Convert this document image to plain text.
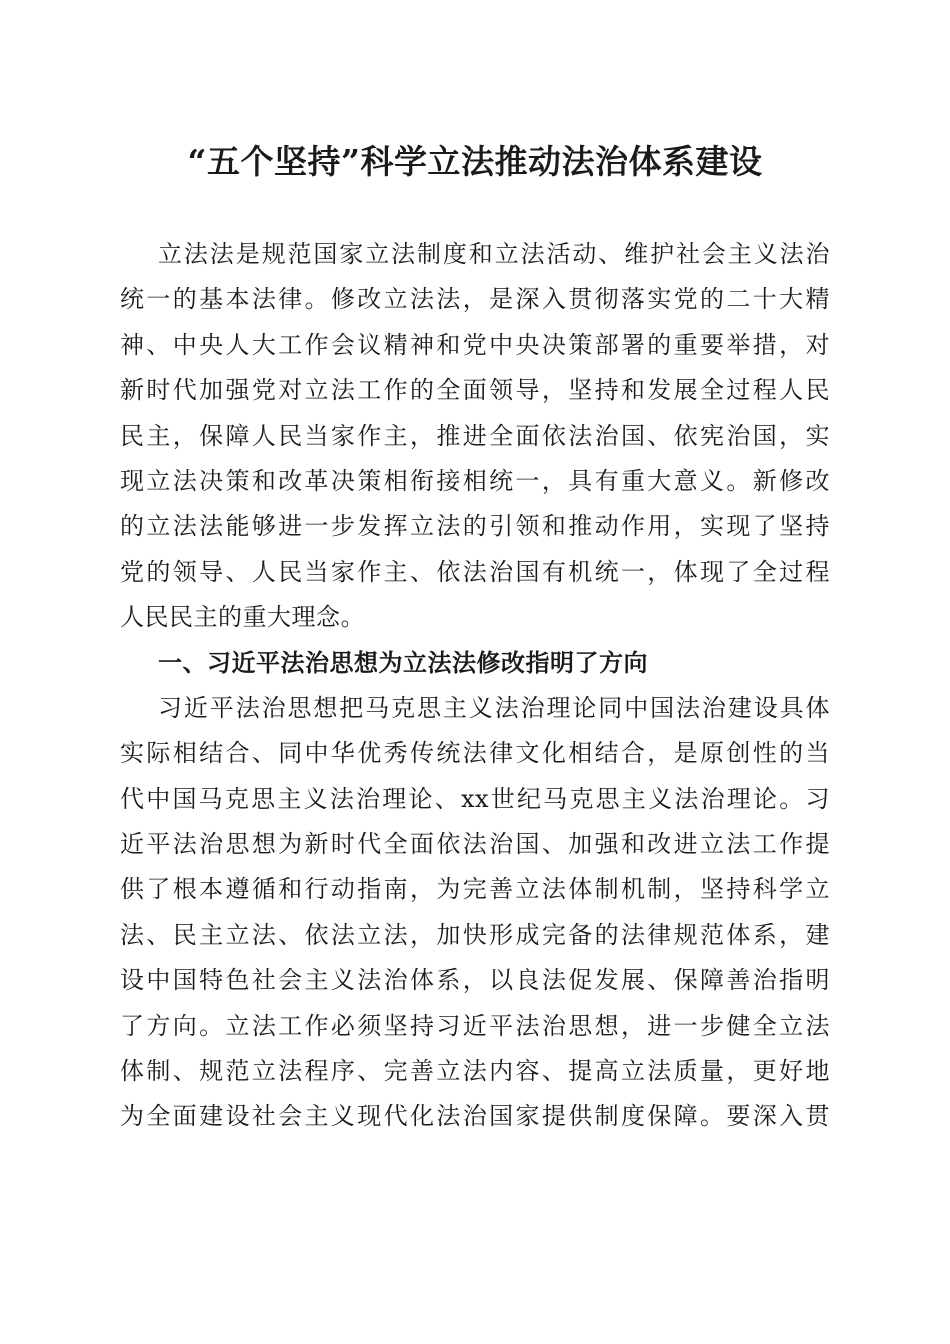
“五个坚持”科学立法推动法治体系建设
立法法是规范国家立法制度和立法活动、维护社会主义法治
统一的基本法律。修改立法法，是深入贯彻落实党的二十大精
神、中央人大工作会议精神和党中央决策部署的重要举措，对
新时代加强党对立法工作的全面领导，坚持和发展全过程人民
民主，保障人民当家作主，推进全面依法治国、依宪治国，实
现立法决策和改革决策相衔接相统一，具有重大意义。新修改
的立法法能够进一步发挥立法的引领和推动作用，实现了坚持
党的领导、人民当家作主、依法治国有机统一，体现了全过程
人民民主的重大理念。
一、习近平法治思想为立法法修改指明了方向
习近平法治思想把马克思主义法治理论同中国法治建设具体
实际相结合、同中华优秀传统法律文化相结合，是原创性的当
代中国马克思主义法治理论、xx世纪马克思主义法治理论。习
近平法治思想为新时代全面依法治国、加强和改进立法工作提
供了根本遵循和行动指南，为完善立法体制机制，坚持科学立
法、民主立法、依法立法，加快形成完备的法律规范体系，建
设中国特色社会主义法治体系，以良法促发展、保障善治指明
了方向。立法工作必须坚持习近平法治思想，进一步健全立法
体制、规范立法程序、完善立法内容、提高立法质量，更好地
为全面建设社会主义现代化法治国家提供制度保障。要深入贯
